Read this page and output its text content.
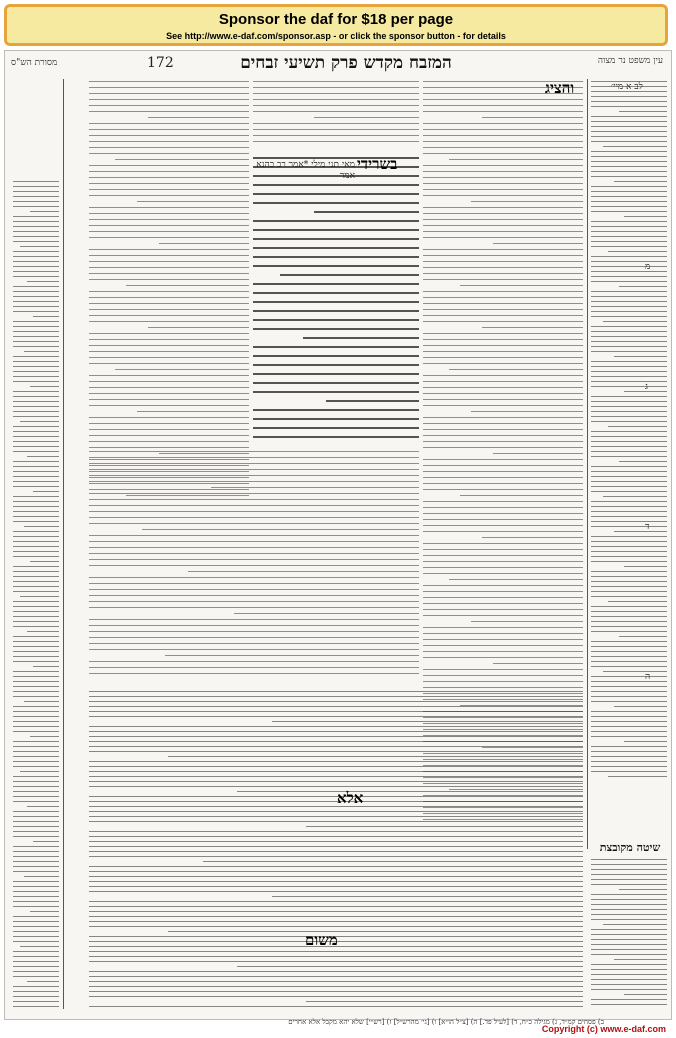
Sponsor the daf for $18 per page
See http://www.e-daf.com/sponsor.asp - or click the sponsor button - for details
עין משפט נר מצוה
המזבח מקדש פרק תשיעי זבחים
172
מסורת הש"ס
והציג
בשרידי
מאי תני מילי *אמר רב כהנא אמר
משום
אלא
שיטה מקובצת
לב א מיי׳
מ
ג
ד
ה
ב) פסחים קמ״ד, ג) מגילה כ״ח, ד) [לעיל פד.] ה) [צ״ל הו״א] ו) [גי׳ מהרש״ל] ז) [רש״י] שלא יהא מקבל אלא אחרים
Copyright (c) www.e-daf.com
